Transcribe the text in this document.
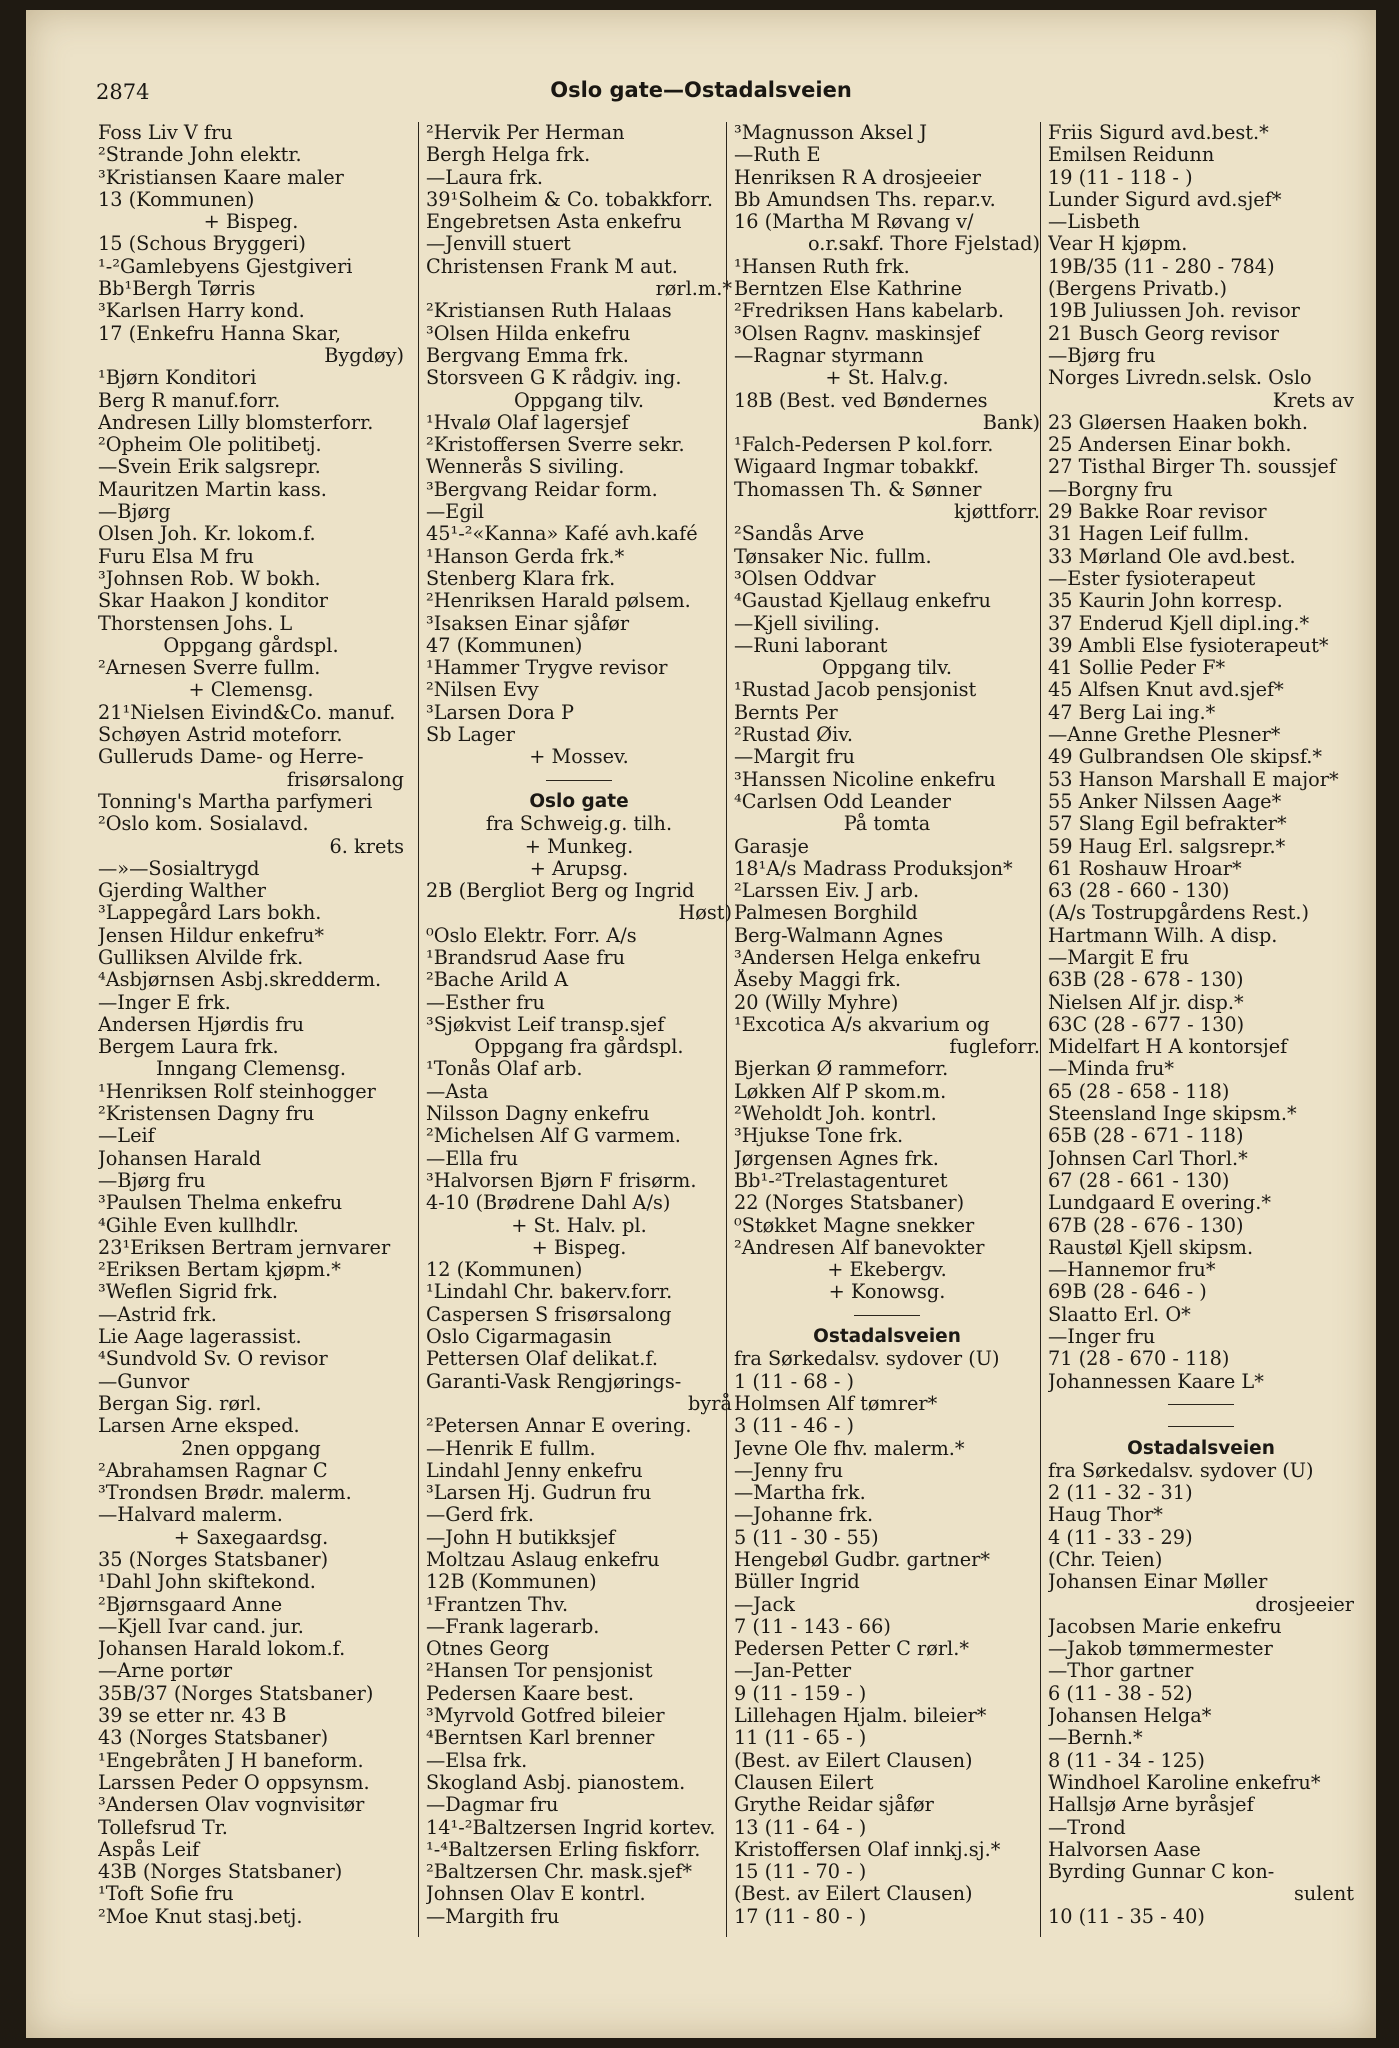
2874	Oslo gate—Ostadalsveien
Foss Liv V fru
²Strande John elektr.
³Kristiansen Kaare maler
13 (Kommunen)
+ Bispeg.
15 (Schous Bryggeri)
¹-²Gamlebyens Gjestgiveri
Bb¹Bergh Tørris
³Karlsen Harry kond.
17 (Enkefru Hanna Skar,
Bygdøy)
¹Bjørn Konditori
Berg R manuf.forr.
Andresen Lilly blomsterforr.
²Opheim Ole politibetj.
—Svein Erik salgsrepr.
Mauritzen Martin kass.
—Bjørg
Olsen Joh. Kr. lokom.f.
Furu Elsa M fru
³Johnsen Rob. W bokh.
Skar Haakon J konditor
Thorstensen Johs. L
Oppgang gårdspl.
²Arnesen Sverre fullm.
+ Clemensg.
21¹Nielsen Eivind&Co. manuf.
Schøyen Astrid moteforr.
Gulleruds Dame- og Herre-
frisørsalong
Tonning's Martha parfymeri
²Oslo kom. Sosialavd.
6. krets
—»—Sosialtrygd
Gjerding Walther
³Lappegård Lars bokh.
Jensen Hildur enkefru*
Gulliksen Alvilde frk.
⁴Asbjørnsen Asbj.skredderm.
—Inger E frk.
Andersen Hjørdis fru
Bergem Laura frk.
Inngang Clemensg.
¹Henriksen Rolf steinhogger
²Kristensen Dagny fru
—Leif
Johansen Harald
—Bjørg fru
³Paulsen Thelma enkefru
⁴Gihle Even kullhdlr.
23¹Eriksen Bertram jernvarer
²Eriksen Bertam kjøpm.*
³Weflen Sigrid frk.
—Astrid frk.
Lie Aage lagerassist.
⁴Sundvold Sv. O revisor
—Gunvor
Bergan Sig. rørl.
Larsen Arne eksped.
2nen oppgang
²Abrahamsen Ragnar C
³Trondsen Brødr. malerm.
—Halvard malerm.
+ Saxegaardsg.
35 (Norges Statsbaner)
¹Dahl John skiftekond.
²Bjørnsgaard Anne
—Kjell Ivar cand. jur.
Johansen Harald lokom.f.
—Arne portør
35B/37 (Norges Statsbaner)
39 se etter nr. 43 B
43 (Norges Statsbaner)
¹Engebråten J H baneform.
Larssen Peder O oppsynsm.
³Andersen Olav vognvisitør
Tollefsrud Tr.
Aspås Leif
43B (Norges Statsbaner)
¹Toft Sofie fru
²Moe Knut stasj.betj.
²Hervik Per Herman
Bergh Helga frk.
—Laura frk.
39¹Solheim & Co. tobakkforr.
Engebretsen Asta enkefru
—Jenvill stuert
Christensen Frank M aut.
rørl.m.*
²Kristiansen Ruth Halaas
³Olsen Hilda enkefru
Bergvang Emma frk.
Storsveen G K rådgiv. ing.
Oppgang tilv.
¹Hvalø Olaf lagersjef
²Kristoffersen Sverre sekr.
Wennerås S siviling.
³Bergvang Reidar form.
—Egil
45¹-²«Kanna» Kafé avh.kafé
¹Hanson Gerda frk.*
Stenberg Klara frk.
²Henriksen Harald pølsem.
³Isaksen Einar sjåfør
47 (Kommunen)
¹Hammer Trygve revisor
²Nilsen Evy
³Larsen Dora P
Sb Lager
+ Mossev.
Oslo gate
fra Schweig.g. tilh.
+ Munkeg.
+ Arupsg.
2B (Bergliot Berg og Ingrid
Høst)
⁰Oslo Elektr. Forr. A/s
¹Brandsrud Aase fru
²Bache Arild A
—Esther fru
³Sjøkvist Leif transp.sjef
Oppgang fra gårdspl.
¹Tonås Olaf arb.
—Asta
Nilsson Dagny enkefru
²Michelsen Alf G varmem.
—Ella fru
³Halvorsen Bjørn F frisørm.
4-10 (Brødrene Dahl A/s)
+ St. Halv. pl.
+ Bispeg.
12 (Kommunen)
¹Lindahl Chr. bakerv.forr.
Caspersen S frisørsalong
Oslo Cigarmagasin
Pettersen Olaf delikat.f.
Garanti-Vask Rengjørings-
byrå
²Petersen Annar E overing.
—Henrik E fullm.
Lindahl Jenny enkefru
³Larsen Hj. Gudrun fru
—Gerd frk.
—John H butikksjef
Moltzau Aslaug enkefru
12B (Kommunen)
¹Frantzen Thv.
—Frank lagerarb.
Otnes Georg
²Hansen Tor pensjonist
Pedersen Kaare best.
³Myrvold Gotfred bileier
⁴Berntsen Karl brenner
—Elsa frk.
Skogland Asbj. pianostem.
—Dagmar fru
14¹-²Baltzersen Ingrid kortev.
¹-⁴Baltzersen Erling fiskforr.
²Baltzersen Chr. mask.sjef*
Johnsen Olav E kontrl.
—Margith fru
³Magnusson Aksel J
—Ruth E
Henriksen R A drosjeeier
Bb Amundsen Ths. repar.v.
16 (Martha M Røvang v/
o.r.sakf. Thore Fjelstad)
¹Hansen Ruth frk.
Berntzen Else Kathrine
²Fredriksen Hans kabelarb.
³Olsen Ragnv. maskinsjef
—Ragnar styrmann
+ St. Halv.g.
18B (Best. ved Bøndernes
Bank)
¹Falch-Pedersen P kol.forr.
Wigaard Ingmar tobakkf.
Thomassen Th. & Sønner
kjøttforr.
²Sandås Arve
Tønsaker Nic. fullm.
³Olsen Oddvar
⁴Gaustad Kjellaug enkefru
—Kjell siviling.
—Runi laborant
Oppgang tilv.
¹Rustad Jacob pensjonist
Bernts Per
²Rustad Øiv.
—Margit fru
³Hanssen Nicoline enkefru
⁴Carlsen Odd Leander
På tomta
Garasje
18¹A/s Madrass Produksjon*
²Larssen Eiv. J arb.
Palmesen Borghild
Berg-Walmann Agnes
³Andersen Helga enkefru
Åseby Maggi frk.
20 (Willy Myhre)
¹Excotica A/s akvarium og
fugleforr.
Bjerkan Ø rammeforr.
Løkken Alf P skom.m.
²Weholdt Joh. kontrl.
³Hjukse Tone frk.
Jørgensen Agnes frk.
Bb¹-²Trelastagenturet
22 (Norges Statsbaner)
⁰Støkket Magne snekker
²Andresen Alf banevokter
+ Ekebergv.
+ Konowsg.
Ostadalsveien
fra Sørkedalsv. sydover (U)
1 (11 - 68 - )
Holmsen Alf tømrer*
3 (11 - 46 - )
Jevne Ole fhv. malerm.*
—Jenny fru
—Martha frk.
—Johanne frk.
5 (11 - 30 - 55)
Hengebøl Gudbr. gartner*
Büller Ingrid
—Jack
7 (11 - 143 - 66)
Pedersen Petter C rørl.*
—Jan-Petter
9 (11 - 159 - )
Lillehagen Hjalm. bileier*
11 (11 - 65 - )
(Best. av Eilert Clausen)
Clausen Eilert
Grythe Reidar sjåfør
13 (11 - 64 - )
Kristoffersen Olaf innkj.sj.*
15 (11 - 70 - )
(Best. av Eilert Clausen)
17 (11 - 80 - )
Friis Sigurd avd.best.*
Emilsen Reidunn
19 (11 - 118 - )
Lunder Sigurd avd.sjef*
—Lisbeth
Vear H kjøpm.
19B/35 (11 - 280 - 784)
(Bergens Privatb.)
19B Juliussen Joh. revisor
21 Busch Georg revisor
—Bjørg fru
Norges Livredn.selsk. Oslo
Krets av
23 Gløersen Haaken bokh.
25 Andersen Einar bokh.
27 Tisthal Birger Th. soussjef
—Borgny fru
29 Bakke Roar revisor
31 Hagen Leif fullm.
33 Mørland Ole avd.best.
—Ester fysioterapeut
35 Kaurin John korresp.
37 Enderud Kjell dipl.ing.*
39 Ambli Else fysioterapeut*
41 Sollie Peder F*
45 Alfsen Knut avd.sjef*
47 Berg Lai ing.*
—Anne Grethe Plesner*
49 Gulbrandsen Ole skipsf.*
53 Hanson Marshall E major*
55 Anker Nilssen Aage*
57 Slang Egil befrakter*
59 Haug Erl. salgsrepr.*
61 Roshauw Hroar*
63 (28 - 660 - 130)
(A/s Tostrupgårdens Rest.)
Hartmann Wilh. A disp.
—Margit E fru
63B (28 - 678 - 130)
Nielsen Alf jr. disp.*
63C (28 - 677 - 130)
Midelfart H A kontorsjef
—Minda fru*
65 (28 - 658 - 118)
Steensland Inge skipsm.*
65B (28 - 671 - 118)
Johnsen Carl Thorl.*
67 (28 - 661 - 130)
Lundgaard E overing.*
67B (28 - 676 - 130)
Raustøl Kjell skipsm.
—Hannemor fru*
69B (28 - 646 - )
Slaatto Erl. O*
—Inger fru
71 (28 - 670 - 118)
Johannessen Kaare L*
Ostadalsveien
fra Sørkedalsv. sydover (U)
2 (11 - 32 - 31)
Haug Thor*
4 (11 - 33 - 29)
(Chr. Teien)
Johansen Einar Møller
drosjeeier
Jacobsen Marie enkefru
—Jakob tømmermester
—Thor gartner
6 (11 - 38 - 52)
Johansen Helga*
—Bernh.*
8 (11 - 34 - 125)
Windhoel Karoline enkefru*
Hallsjø Arne byråsjef
—Trond
Halvorsen Aase
Byrding Gunnar C kon-
sulent
10 (11 - 35 - 40)
